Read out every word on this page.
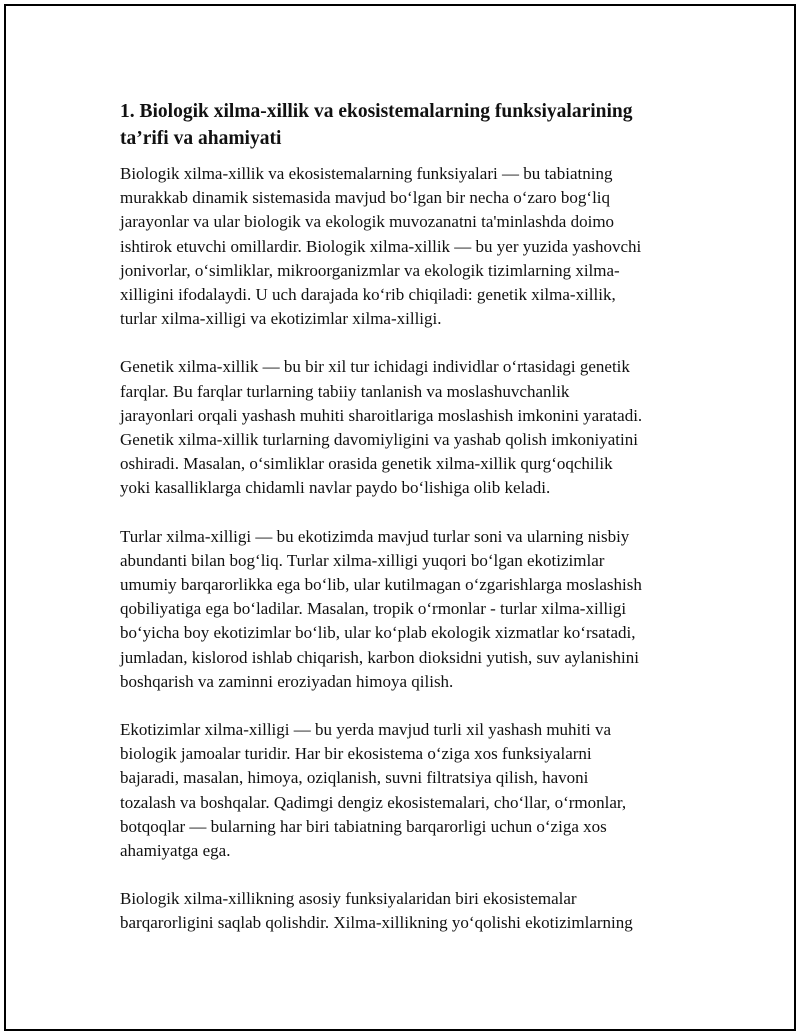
1. Biologik xilma-xillik va ekosistemalarning funksiyalarining
ta’rifi va ahamiyati
Biologik xilma-xillik va ekosistemalarning funksiyalari — bu tabiatning
murakkab dinamik sistemasida mavjud bo‘lgan bir necha o‘zaro bog‘liq
jarayonlar va ular biologik va ekologik muvozanatni ta'minlashda doimo
ishtirok etuvchi omillardir. Biologik xilma-xillik — bu yer yuzida yashovchi
jonivorlar, o‘simliklar, mikroorganizmlar va ekologik tizimlarning xilma-
xilligini ifodalaydi. U uch darajada ko‘rib chiqiladi: genetik xilma-xillik,
turlar xilma-xilligi va ekotizimlar xilma-xilligi.
Genetik xilma-xillik — bu bir xil tur ichidagi individlar o‘rtasidagi genetik
farqlar. Bu farqlar turlarning tabiiy tanlanish va moslashuvchanlik
jarayonlari orqali yashash muhiti sharoitlariga moslashish imkonini yaratadi.
Genetik xilma-xillik turlarning davomiyligini va yashab qolish imkoniyatini
oshiradi. Masalan, o‘simliklar orasida genetik xilma-xillik qurg‘oqchilik
yoki kasalliklarga chidamli navlar paydo bo‘lishiga olib keladi.
Turlar xilma-xilligi — bu ekotizimda mavjud turlar soni va ularning nisbiy
abundanti bilan bog‘liq. Turlar xilma-xilligi yuqori bo‘lgan ekotizimlar
umumiy barqarorlikka ega bo‘lib, ular kutilmagan o‘zgarishlarga moslashish
qobiliyatiga ega bo‘ladilar. Masalan, tropik o‘rmonlar - turlar xilma-xilligi
bo‘yicha boy ekotizimlar bo‘lib, ular ko‘plab ekologik xizmatlar ko‘rsatadi,
jumladan, kislorod ishlab chiqarish, karbon dioksidni yutish, suv aylanishini
boshqarish va zaminni eroziyadan himoya qilish.
Ekotizimlar xilma-xilligi — bu yerda mavjud turli xil yashash muhiti va
biologik jamoalar turidir. Har bir ekosistema o‘ziga xos funksiyalarni
bajaradi, masalan, himoya, oziqlanish, suvni filtratsiya qilish, havoni
tozalash va boshqalar. Qadimgi dengiz ekosistemalari, cho‘llar, o‘rmonlar,
botqoqlar — bularning har biri tabiatning barqarorligi uchun o‘ziga xos
ahamiyatga ega.
Biologik xilma-xillikning asosiy funksiyalaridan biri ekosistemalar
barqarorligini saqlab qolishdir. Xilma-xillikning yo‘qolishi ekotizimlarning
